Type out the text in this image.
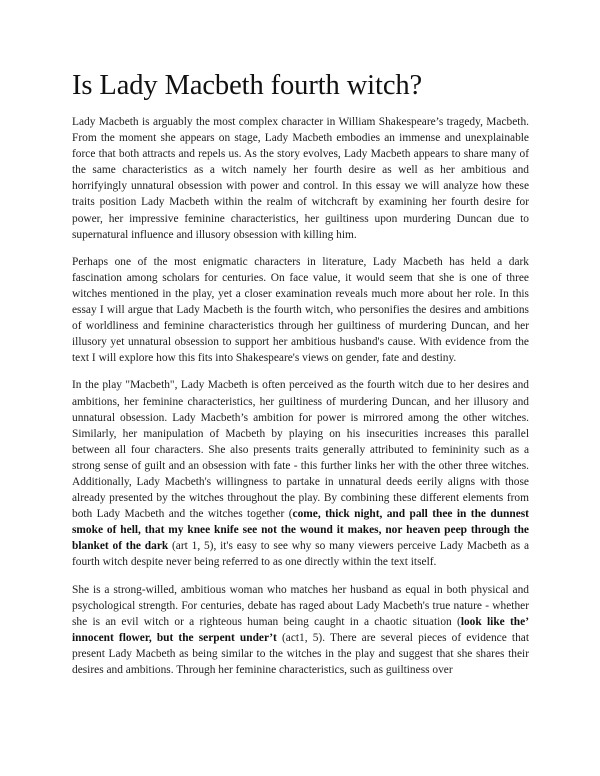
Is Lady Macbeth fourth witch?

Lady Macbeth is arguably the most complex character in William Shakespeare’s tragedy, Macbeth. From the moment she appears on stage, Lady Macbeth embodies an immense and unexplainable force that both attracts and repels us. As the story evolves, Lady Macbeth appears to share many of the same characteristics as a witch namely her fourth desire as well as her ambitious and horrifyingly unnatural obsession with power and control. In this essay we will analyze how these traits position Lady Macbeth within the realm of witchcraft by examining her fourth desire for power, her impressive feminine characteristics, her guiltiness upon murdering Duncan due to supernatural influence and illusory obsession with killing him.

Perhaps one of the most enigmatic characters in literature, Lady Macbeth has held a dark fascination among scholars for centuries. On face value, it would seem that she is one of three witches mentioned in the play, yet a closer examination reveals much more about her role. In this essay I will argue that Lady Macbeth is the fourth witch, who personifies the desires and ambitions of worldliness and feminine characteristics through her guiltiness of murdering Duncan, and her illusory yet unnatural obsession to support her ambitious husband's cause. With evidence from the text I will explore how this fits into Shakespeare's views on gender, fate and destiny.

In the play "Macbeth", Lady Macbeth is often perceived as the fourth witch due to her desires and ambitions, her feminine characteristics, her guiltiness of murdering Duncan, and her illusory and unnatural obsession. Lady Macbeth’s ambition for power is mirrored among the other witches. Similarly, her manipulation of Macbeth by playing on his insecurities increases this parallel between all four characters. She also presents traits generally attributed to femininity such as a strong sense of guilt and an obsession with fate - this further links her with the other three witches. Additionally, Lady Macbeth's willingness to partake in unnatural deeds eerily aligns with those already presented by the witches throughout the play. By combining these different elements from both Lady Macbeth and the witches together (come, thick night, and pall thee in the dunnest smoke of hell, that my knee knife see not the wound it makes, nor heaven peep through the blanket of the dark (art 1, 5), it's easy to see why so many viewers perceive Lady Macbeth as a fourth witch despite never being referred to as one directly within the text itself.

She is a strong-willed, ambitious woman who matches her husband as equal in both physical and psychological strength. For centuries, debate has raged about Lady Macbeth's true nature - whether she is an evil witch or a righteous human being caught in a chaotic situation (look like the’ innocent flower, but the serpent under’t (act1, 5). There are several pieces of evidence that present Lady Macbeth as being similar to the witches in the play and suggest that she shares their desires and ambitions. Through her feminine characteristics, such as guiltiness over
